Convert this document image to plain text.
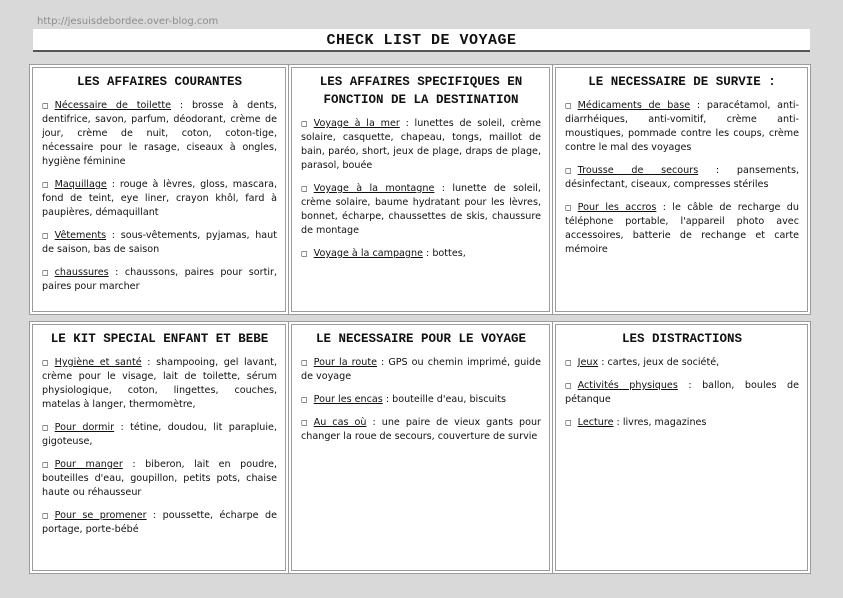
http://jesuisdebordee.over-blog.com
CHECK LIST DE VOYAGE
LES AFFAIRES COURANTES
◻ Nécessaire de toilette : brosse à dents, dentifrice, savon, parfum, déodorant, crème de jour, crème de nuit, coton, coton-tige, nécessaire pour le rasage, ciseaux à ongles, hygiène féminine
◻ Maquillage : rouge à lèvres, gloss, mascara, fond de teint, eye liner, crayon khôl, fard à paupières, démaquillant
◻ Vêtements : sous-vêtements, pyjamas, haut de saison, bas de saison
◻ chaussures : chaussons, paires pour sortir, paires pour marcher
LES AFFAIRES SPECIFIQUES EN FONCTION DE LA DESTINATION
◻ Voyage à la mer : lunettes de soleil, crème solaire, casquette, chapeau, tongs, maillot de bain, paréo, short, jeux de plage, draps de plage, parasol, bouée
◻ Voyage à la montagne : lunette de soleil, crème solaire, baume hydratant pour les lèvres, bonnet, écharpe, chaussettes de skis, chaussure de montage
◻ Voyage à la campagne : bottes,
LE NECESSAIRE DE SURVIE :
◻ Médicaments de base : paracétamol, anti-diarrhéiques, anti-vomitif, crème anti-moustiques, pommade contre les coups, crème contre le mal des voyages
◻ Trousse de secours : pansements, désinfectant, ciseaux, compresses stériles
◻ Pour les accros : le câble de recharge du téléphone portable, l'appareil photo avec accessoires, batterie de rechange et carte mémoire
LE KIT SPECIAL ENFANT ET BEBE
◻ Hygiène et santé : shampooing, gel lavant, crème pour le visage, lait de toilette, sérum physiologique, coton, lingettes, couches, matelas à langer, thermomètre,
◻ Pour dormir : tétine, doudou, lit parapluie, gigoteuse,
◻ Pour manger : biberon, lait en poudre, bouteilles d'eau, goupillon, petits pots, chaise haute ou réhausseur
◻ Pour se promener : poussette, écharpe de portage, porte-bébé
LE NECESSAIRE POUR LE VOYAGE
◻ Pour la route : GPS ou chemin imprimé, guide de voyage
◻ Pour les encas : bouteille d'eau, biscuits
◻ Au cas où : une paire de vieux gants pour changer la roue de secours, couverture de survie
LES DISTRACTIONS
◻ Jeux : cartes, jeux de société,
◻ Activités physiques : ballon, boules de pétanque
◻ Lecture : livres, magazines
